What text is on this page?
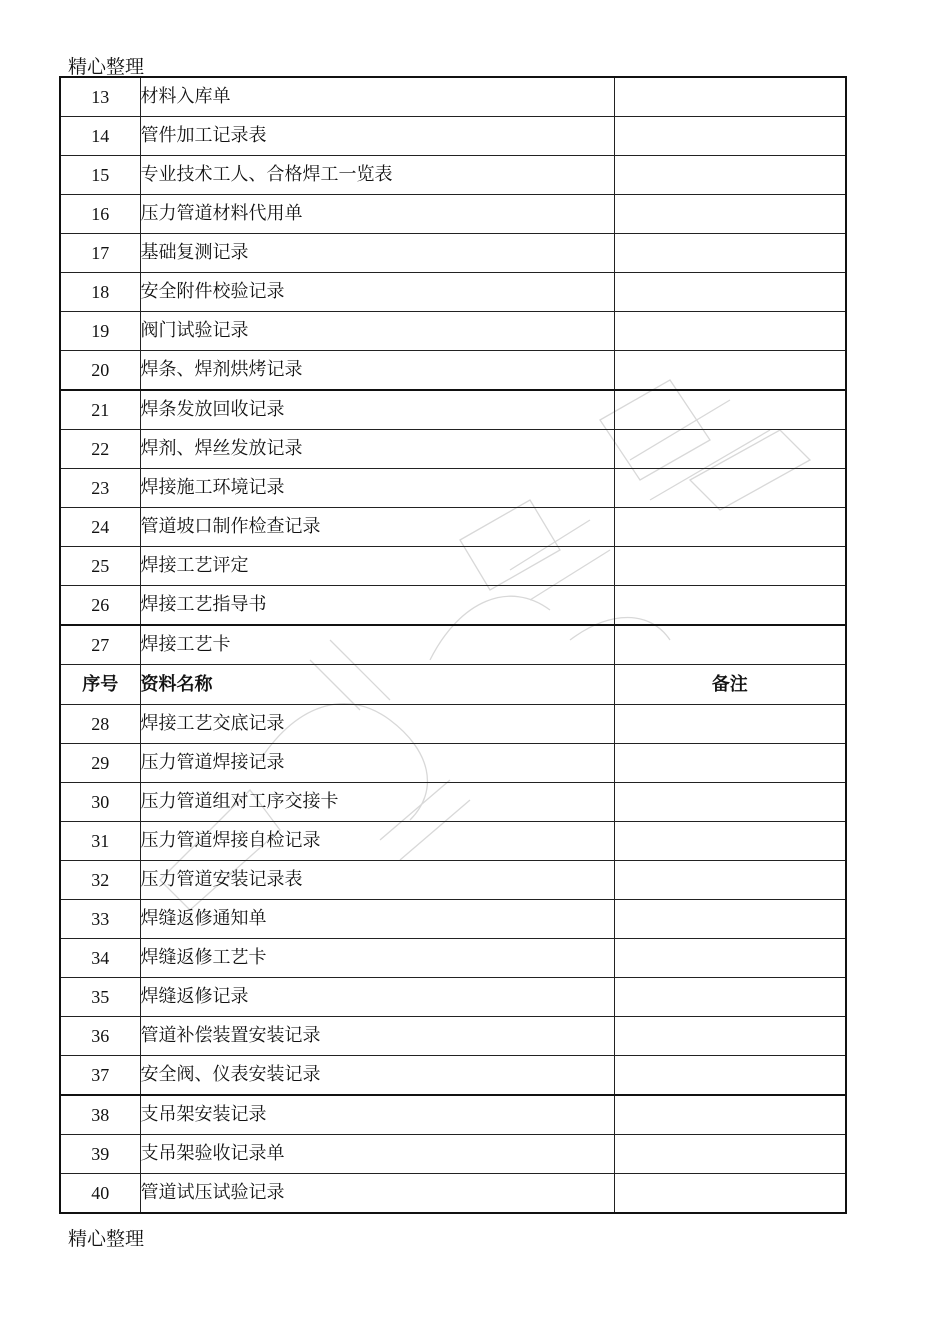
精心整理
13	材料入库单	
14	管件加工记录表	
15	专业技术工人、合格焊工一览表	
16	压力管道材料代用单	
17	基础复测记录	
18	安全附件校验记录	
19	阀门试验记录	
20	焊条、焊剂烘烤记录	
21	焊条发放回收记录	
22	焊剂、焊丝发放记录	
23	焊接施工环境记录	
24	管道坡口制作检查记录	
25	焊接工艺评定	
26	焊接工艺指导书	
27	焊接工艺卡	
序号	资料名称	备注
28	焊接工艺交底记录	
29	压力管道焊接记录	
30	压力管道组对工序交接卡	
31	压力管道焊接自检记录	
32	压力管道安装记录表	
33	焊缝返修通知单	
34	焊缝返修工艺卡	
35	焊缝返修记录	
36	管道补偿装置安装记录	
37	安全阀、仪表安装记录	
38	支吊架安装记录	
39	支吊架验收记录单	
40	管道试压试验记录	
精心整理
